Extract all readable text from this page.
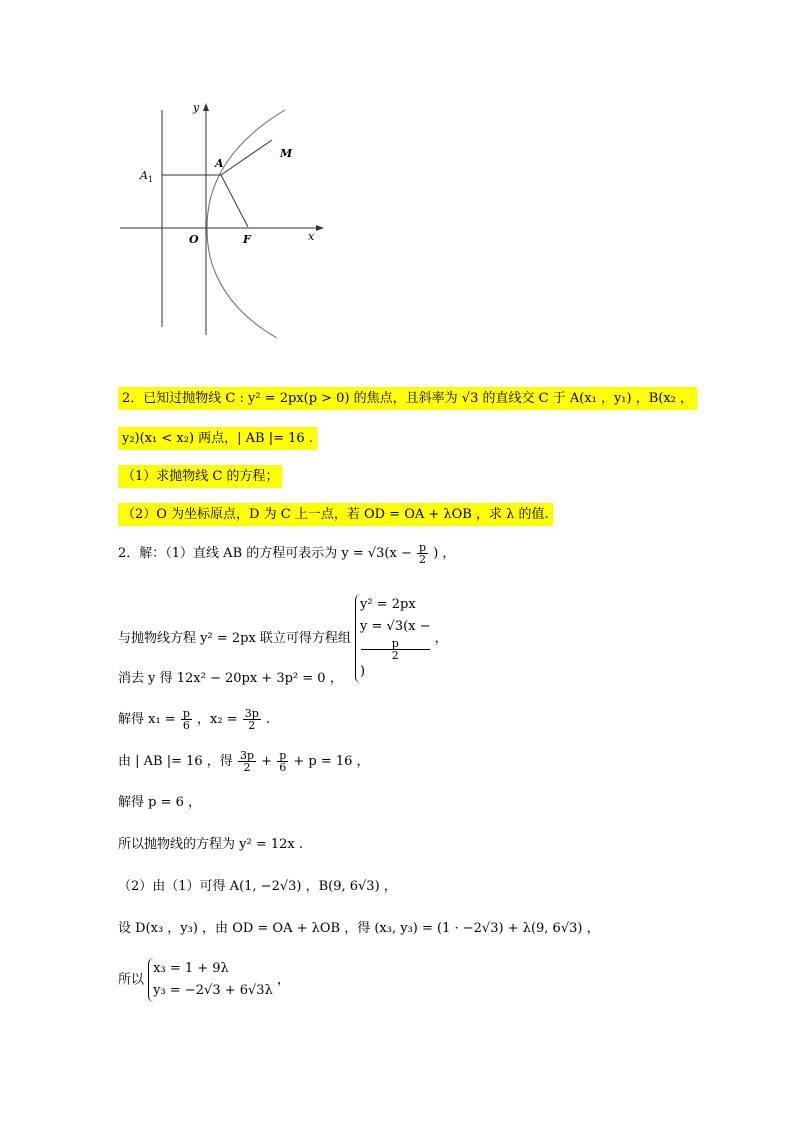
y
x
A
A 1
M
O	F
2．已知过抛物线 C : y² = 2px(p > 0) 的焦点，且斜率为 √3 的直线交 C 于 A(x₁ ，y₁) ，B(x₂ ，
y₂)(x₁ < x₂) 两点，| AB |= 16 .
（1）求抛物线 C 的方程；
（2）O 为坐标原点，D 为 C 上一点，若 OD = OA + λOB ，求 λ 的值.
2．解：（1）直线 AB 的方程可表示为 $y = √3(x - \frac{p}{2}$ ) ，
与抛物线方程 y² = 2px 联立可得方程组
y² = 2px
y = √3(x −
p
2
)
，
消去 y 得 12x² − 20px + 3p² = 0 ，
解得 $x_1 = \frac{p}{6}$ ，$x_2 = \frac{3p}{2}$ .
由 | AB |= 16 ，得 $\frac{3p}{2} + \frac{p}{6} + p = 16$ ，
解得 p = 6 ，
所以抛物线的方程为 y² = 12x .
（2）由（1）可得 A(1, −2√3) ，B(9, 6√3) ，
设 D(x₃ ，y₃) ，由 OD = OA + λOB ，得 (x₃, y₃) = (1 · −2√3) + λ(9, 6√3) ，
所以
x₃ = 1 + 9λ
y₃ = −2√3 + 6√3λ
，
